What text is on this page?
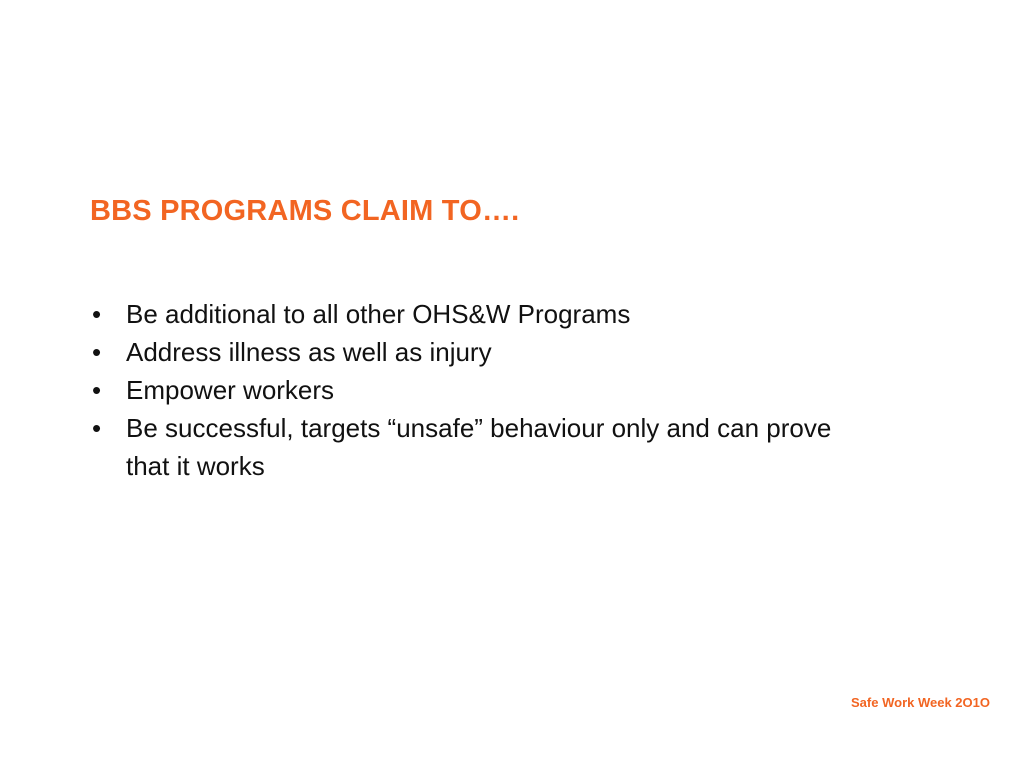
BBS PROGRAMS CLAIM TO….
• Be additional to all other OHS&W Programs
• Address illness as well as injury
• Empower workers
• Be successful, targets “unsafe” behaviour only and can prove that it works
Safe Work Week 2O1O
